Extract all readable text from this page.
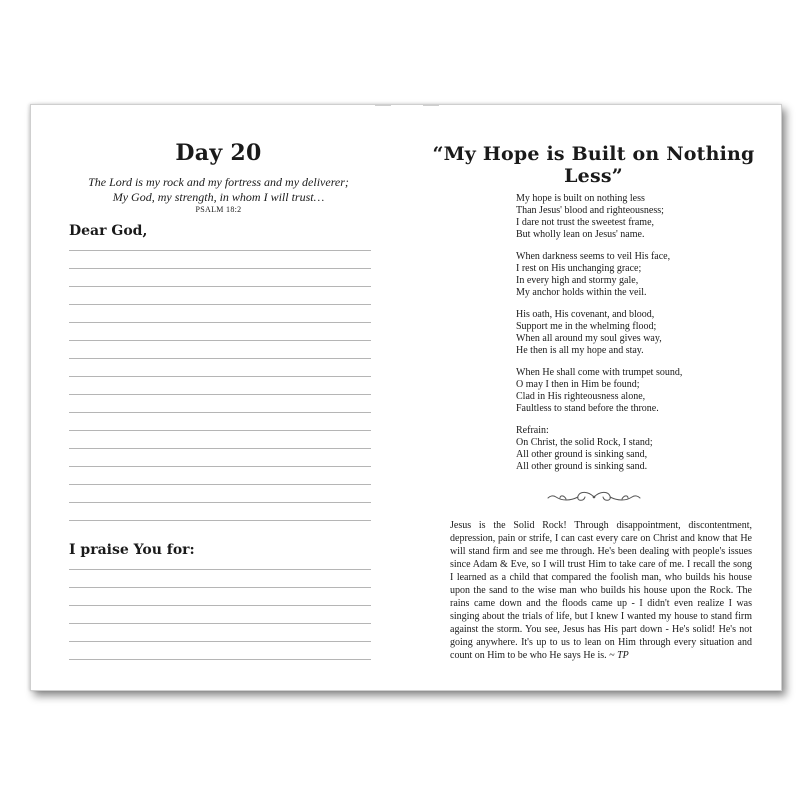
Day 20
The Lord is my rock and my fortress and my deliverer;
My God, my strength, in whom I will trust…
PSALM 18:2
Dear God,
I praise You for:
“My Hope is Built on Nothing Less”
My hope is built on nothing less
Than Jesus' blood and righteousness;
I dare not trust the sweetest frame,
But wholly lean on Jesus' name.
When darkness seems to veil His face,
I rest on His unchanging grace;
In every high and stormy gale,
My anchor holds within the veil.
His oath, His covenant, and blood,
Support me in the whelming flood;
When all around my soul gives way,
He then is all my hope and stay.
When He shall come with trumpet sound,
O may I then in Him be found;
Clad in His righteousness alone,
Faultless to stand before the throne.
Refrain:
On Christ, the solid Rock, I stand;
All other ground is sinking sand,
All other ground is sinking sand.
Jesus is the Solid Rock! Through disappointment, discontentment, depression, pain or strife, I can cast every care on Christ and know that He will stand firm and see me through. He's been dealing with people's issues since Adam & Eve, so I will trust Him to take care of me. I recall the song I learned as a child that compared the foolish man, who builds his house upon the sand to the wise man who builds his house upon the Rock. The rains came down and the floods came up - I didn't even realize I was singing about the trials of life, but I knew I wanted my house to stand firm against the storm. You see, Jesus has His part down - He's solid! He's not going anywhere. It's up to us to lean on Him through every situation and count on Him to be who He says He is. ~ TP
